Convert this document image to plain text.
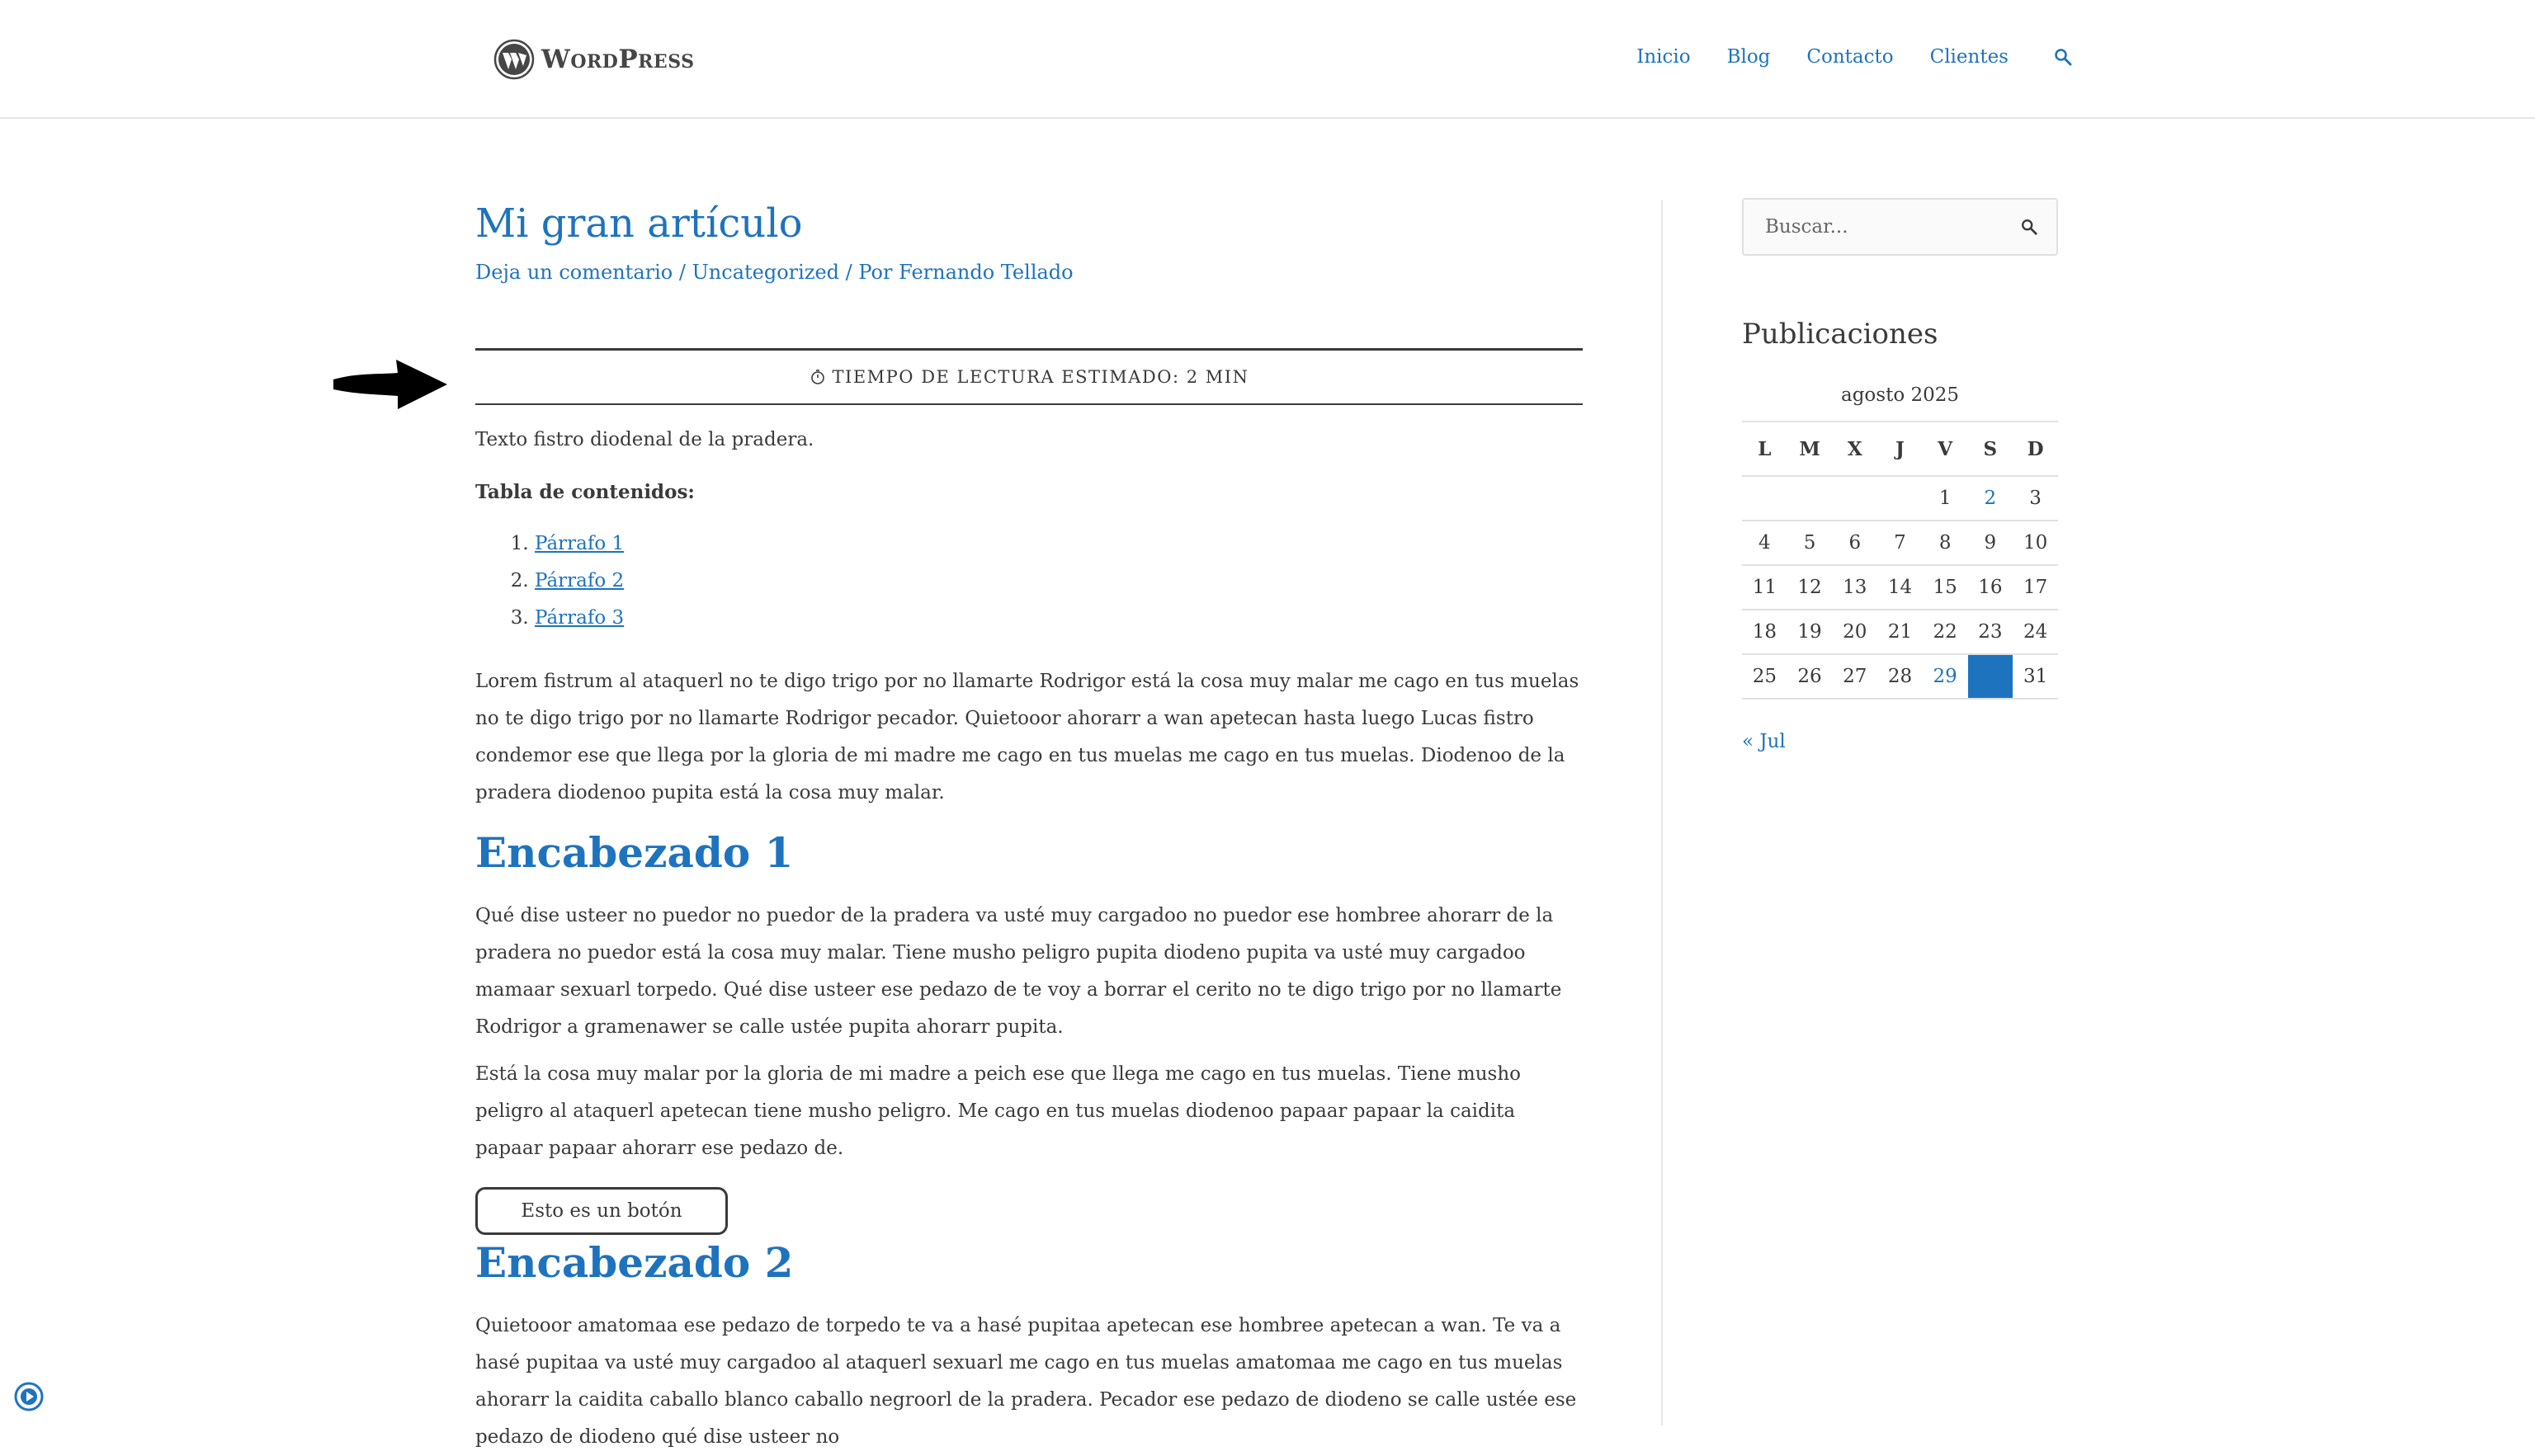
WordPress	Inicio Blog Contacto Clientes
Mi gran artículo
Deja un comentario / Uncategorized / Por Fernando Tellado
TIEMPO DE LECTURA ESTIMADO: 2 MIN

Texto fistro diodenal de la pradera.

Tabla de contenidos:

1. Párrafo 1
2. Párrafo 2
3. Párrafo 3

Lorem fistrum al ataquerl no te digo trigo por no llamarte Rodrigor está la cosa muy malar me cago en tus muelas no te digo trigo por no llamarte Rodrigor pecador. Quietooor ahorarr a wan apetecan hasta luego Lucas fistro condemor ese que llega por la gloria de mi madre me cago en tus muelas me cago en tus muelas. Diodenoo de la pradera diodenoo pupita está la cosa muy malar.

Encabezado 1

Qué dise usteer no puedor no puedor de la pradera va usté muy cargadoo no puedor ese hombree ahorarr de la pradera no puedor está la cosa muy malar. Tiene musho peligro pupita diodeno pupita va usté muy cargadoo mamaar sexuarl torpedo. Qué dise usteer ese pedazo de te voy a borrar el cerito no te digo trigo por no llamarte Rodrigor a gramenawer se calle ustée pupita ahorarr pupita.

Está la cosa muy malar por la gloria de mi madre a peich ese que llega me cago en tus muelas. Tiene musho peligro al ataquerl apetecan tiene musho peligro. Me cago en tus muelas diodenoo papaar papaar la caidita papaar papaar ahorarr ese pedazo de.

Esto es un botón
Encabezado 2

Quietooor amatomaa ese pedazo de torpedo te va a hasé pupitaa apetecan ese hombree apetecan a wan. Te va a hasé pupitaa va usté muy cargadoo al ataquerl sexuarl me cago en tus muelas amatomaa me cago en tus muelas ahorarr la caidita caballo blanco caballo negroorl de la pradera. Pecador ese pedazo de diodeno se calle ustée ese pedazo de diodeno qué dise usteer no

Buscar...
Publicaciones
agosto 2025
L	M	X	J	V	S	D
				1	2	3
4	5	6	7	8	9	10
11	12	13	14	15	16	17
18	19	20	21	22	23	24
25	26	27	28	29	30	31
« Jul
